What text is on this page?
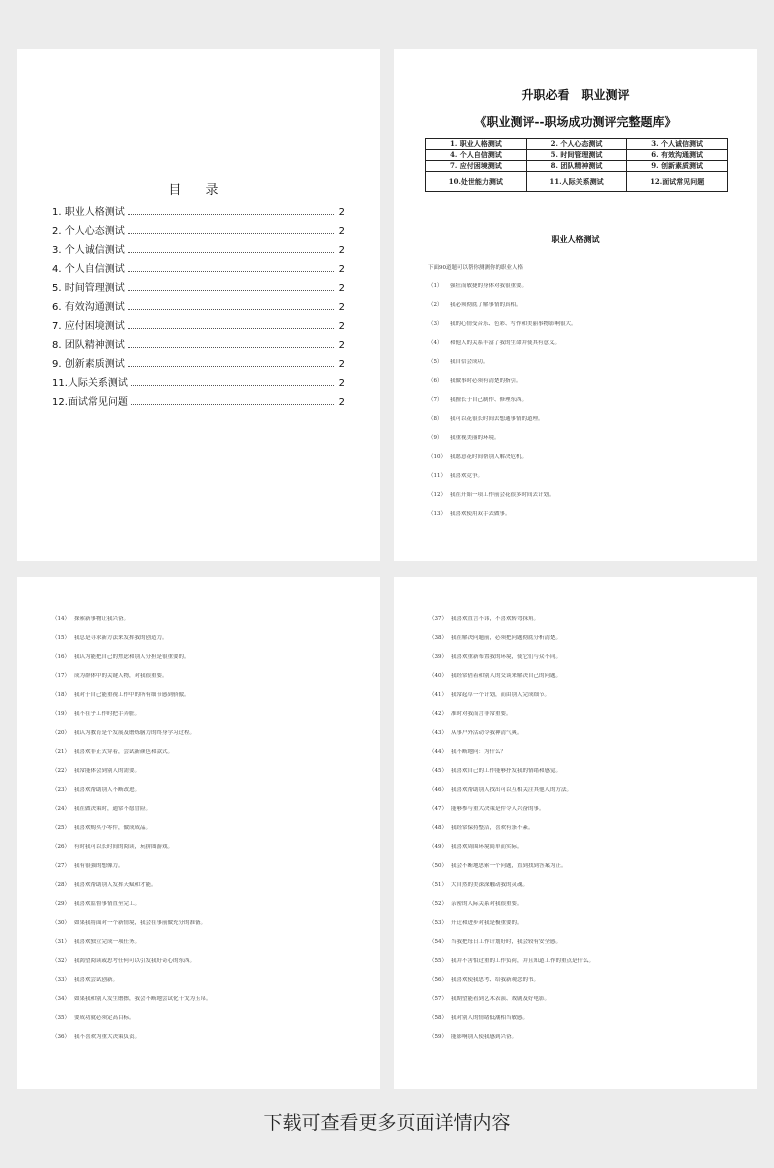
目 录
1. 职业人格测试	2
2. 个人心态测试	2
3. 个人诚信测试	2
4. 个人自信测试	2
5. 时间管理测试	2
6. 有效沟通测试	2
7. 应付困境测试	2
8. 团队精神测试	2
9. 创新素质测试	2
11.人际关系测试	2
12.面试常见问题	2
升职必看　职业测评
《职业测评--职场成功测评完整题库》
1. 职业人格测试	2. 个人心态测试	3. 个人诚信测试
4. 个人自信测试	5. 时间管理测试	6. 有效沟通测试
7. 应付困境测试	8. 团队精神测试	9. 创新素质测试
10.处世能力测试	11.人际关系测试	12.面试常见问题
职业人格测试
下面90道题可以帮你测测你的职业人格
（1）	强壮而敏捷的身体对我很重要。
（2）	我必须彻底了解事情的真相。
（3）	我的心情受音乐、色彩、写作和美丽事物影响很大。
（4）	和他人的关系丰富了我的生命并使其有意义。
（5）	我自信会成功。
（6）	我做事时必须有清楚的指引。
（7）	我擅长于自己制作、修理东西。
（8）	我可以花很长时间去想通事情的道理。
（9）	我重视美丽的环境。
（10） 我愿意花时间帮别人解决危机。
（11） 我喜欢竞争。
（12） 我在开始一项工作前会花很多时间去计划。
（13） 我喜欢使用双手去做事。
（14） 探索新事物让我兴奋。
（15） 我总是寻求新方法来发挥我的创造力。
（16） 我认为能把自己的焦虑和别人分担是很重要的。
（17） 成为群体中的关键人物，对我很重要。
（18） 我对于自己能重视工作中的所有细节感到骄傲。
（19） 我不在乎工作时把手弄脏。
（20） 我认为教育是个发展及磨炼脑力的终身学习过程。
（21） 我喜欢非正式穿着，尝试新颜色和款式。
（22） 我常能体会到别人的需要。
（23） 我喜欢帮助别人不断改进。
（24） 我在做决策时，通常不愿冒险。
（25） 我喜欢购买小零件，做成成品。
（26） 有时我可以长时间的阅读，玩拼图游戏。
（27） 我有很强的想像力。
（28） 我喜欢帮助别人发挥天赋和才能。
（29） 我喜欢监督事情直至完工。
（30） 如果我将面对一个新情境，我会在事前做充分的准备。
（31） 我喜欢独立完成一项任务。
（32） 我渴望阅读或思考任何可以引发我好奇心的东西。
（33） 我喜欢尝试创新。
（34） 如果我和别人发生磨擦，我会不断地尝试化干戈为玉帛。
（35） 要成功就必须定高目标。
（36） 我不喜欢为重大决策负责。
（37） 我喜欢直言不讳，不喜欢转弯抹角。
（38） 我在解决问题前，必须把问题彻底分析清楚。
（39） 我喜欢重新布置我的环境，使它们与众不同。
（40） 我经常借着和别人的交谈来解决自己的问题。
（41） 我常起草一个计划，而由别人完成细节。
（42） 准时对我而言非常重要。
（43） 从事户外活动令我神清气爽。
（44） 我不断地问：为什么？
（45） 我喜欢自己的工作能够抒发我的情绪和感觉。
（46） 我喜欢帮助别人找出可以互相关注其他人的方法。
（47） 能够参与重大决策是件令人兴奋的事。
（48） 我经常保持整洁，喜欢有条不紊。
（49） 我喜欢周围环境简单而实际。
（50） 我会不断地思索一个问题，直到找到答案为止。
（51） 大自然的美深深触动我的灵魂。
（52） 亲密的人际关系对我很重要。
（53） 升迁和进步对我是极重要的。
（54） 当我把每日工作计划好时，我会较有安全感。
（55） 我并不害怕过重的工作负荷，并且知道工作的重点是什么。
（56） 我喜欢使我思考、给我新观念的书。
（57） 我期望能看到艺术表演、戏剧及好电影。
（58） 我对别人的情绪低潮相当敏感。
（59） 能影响别人使我感到兴奋。
下载可查看更多页面详情内容
